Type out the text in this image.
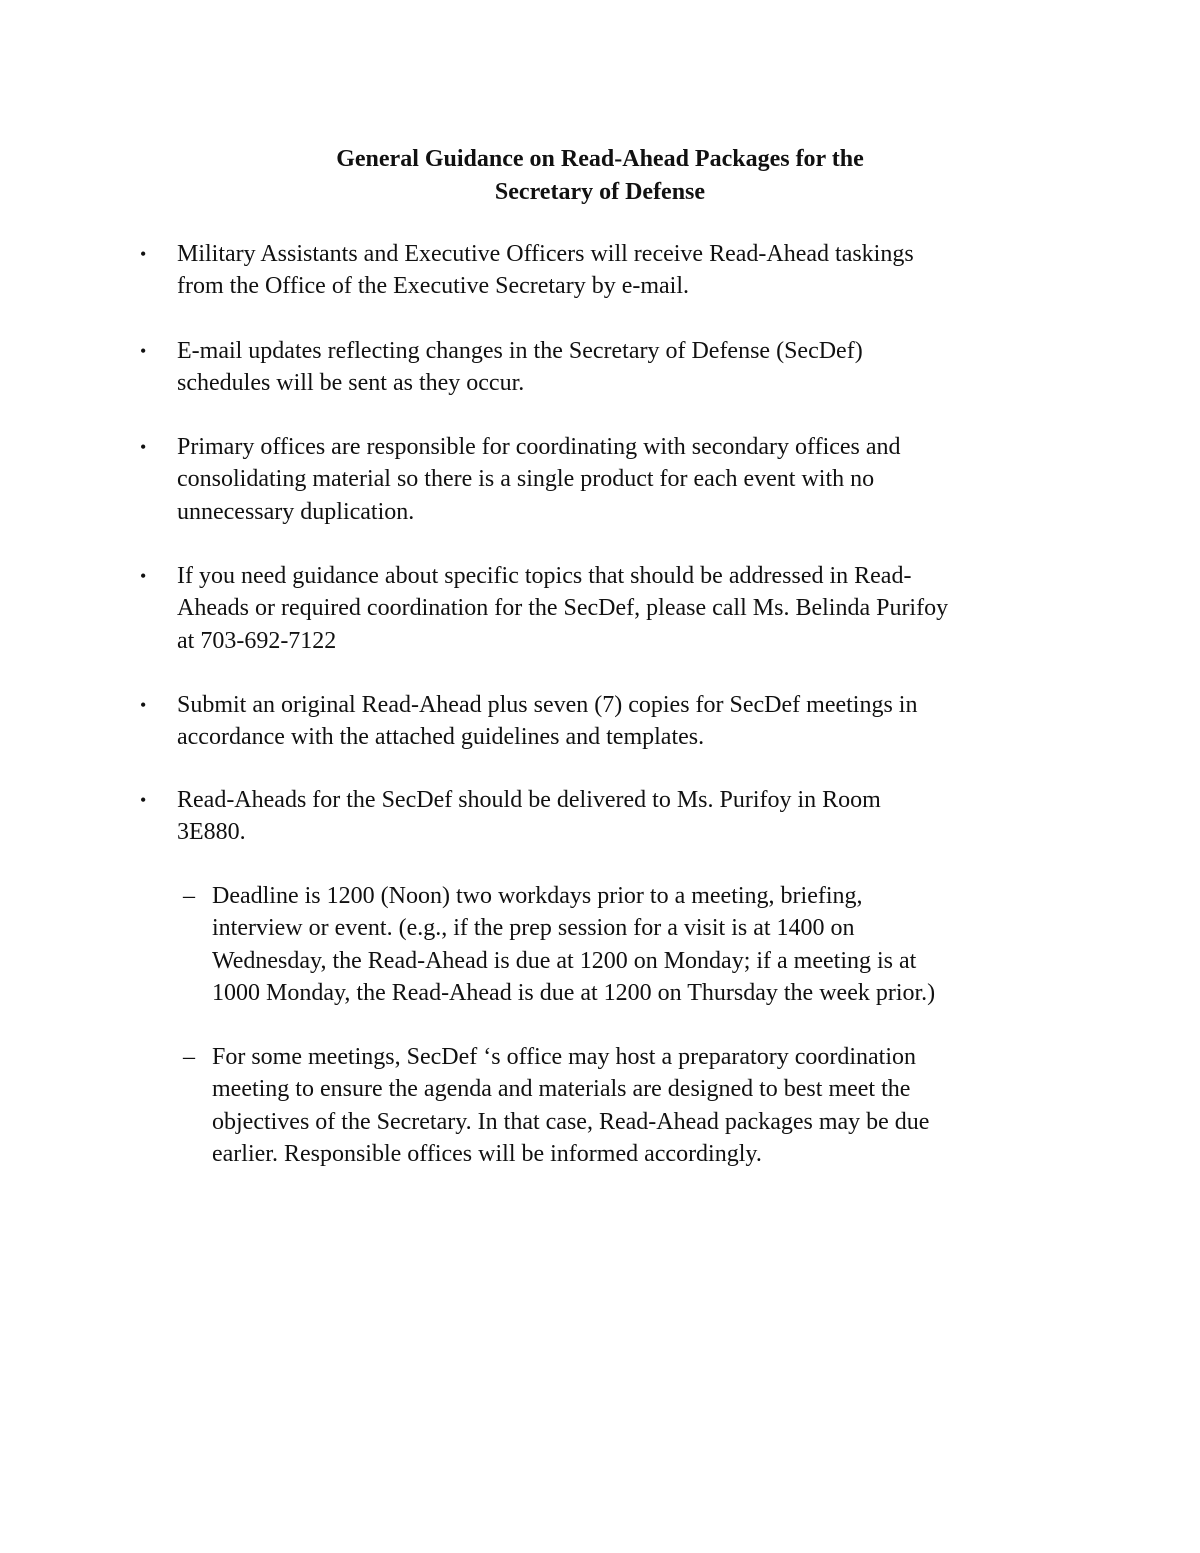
General Guidance on Read-Ahead Packages for the
Secretary of Defense
•	Military Assistants and Executive Officers will receive Read-Ahead taskings
from the Office of the Executive Secretary by e-mail.
•	E-mail updates reflecting changes in the Secretary of Defense (SecDef)
schedules will be sent as they occur.
•	Primary offices are responsible for coordinating with secondary offices and
consolidating material so there is a single product for each event with no
unnecessary duplication.
•	If you need guidance about specific topics that should be addressed in Read-
Aheads or required coordination for the SecDef, please call Ms. Belinda Purifoy
at 703-692-7122
•	Submit an original Read-Ahead plus seven (7) copies for SecDef meetings in
accordance with the attached guidelines and templates.
•	Read-Aheads for the SecDef should be delivered to Ms. Purifoy in Room
3E880.
– Deadline is 1200 (Noon) two workdays prior to a meeting, briefing,
interview or event. (e.g., if the prep session for a visit is at 1400 on
Wednesday, the Read-Ahead is due at 1200 on Monday; if a meeting is at
1000 Monday, the Read-Ahead is due at 1200 on Thursday the week prior.)
– For some meetings, SecDef ‘s office may host a preparatory coordination
meeting to ensure the agenda and materials are designed to best meet the
objectives of the Secretary. In that case, Read-Ahead packages may be due
earlier. Responsible offices will be informed accordingly.
